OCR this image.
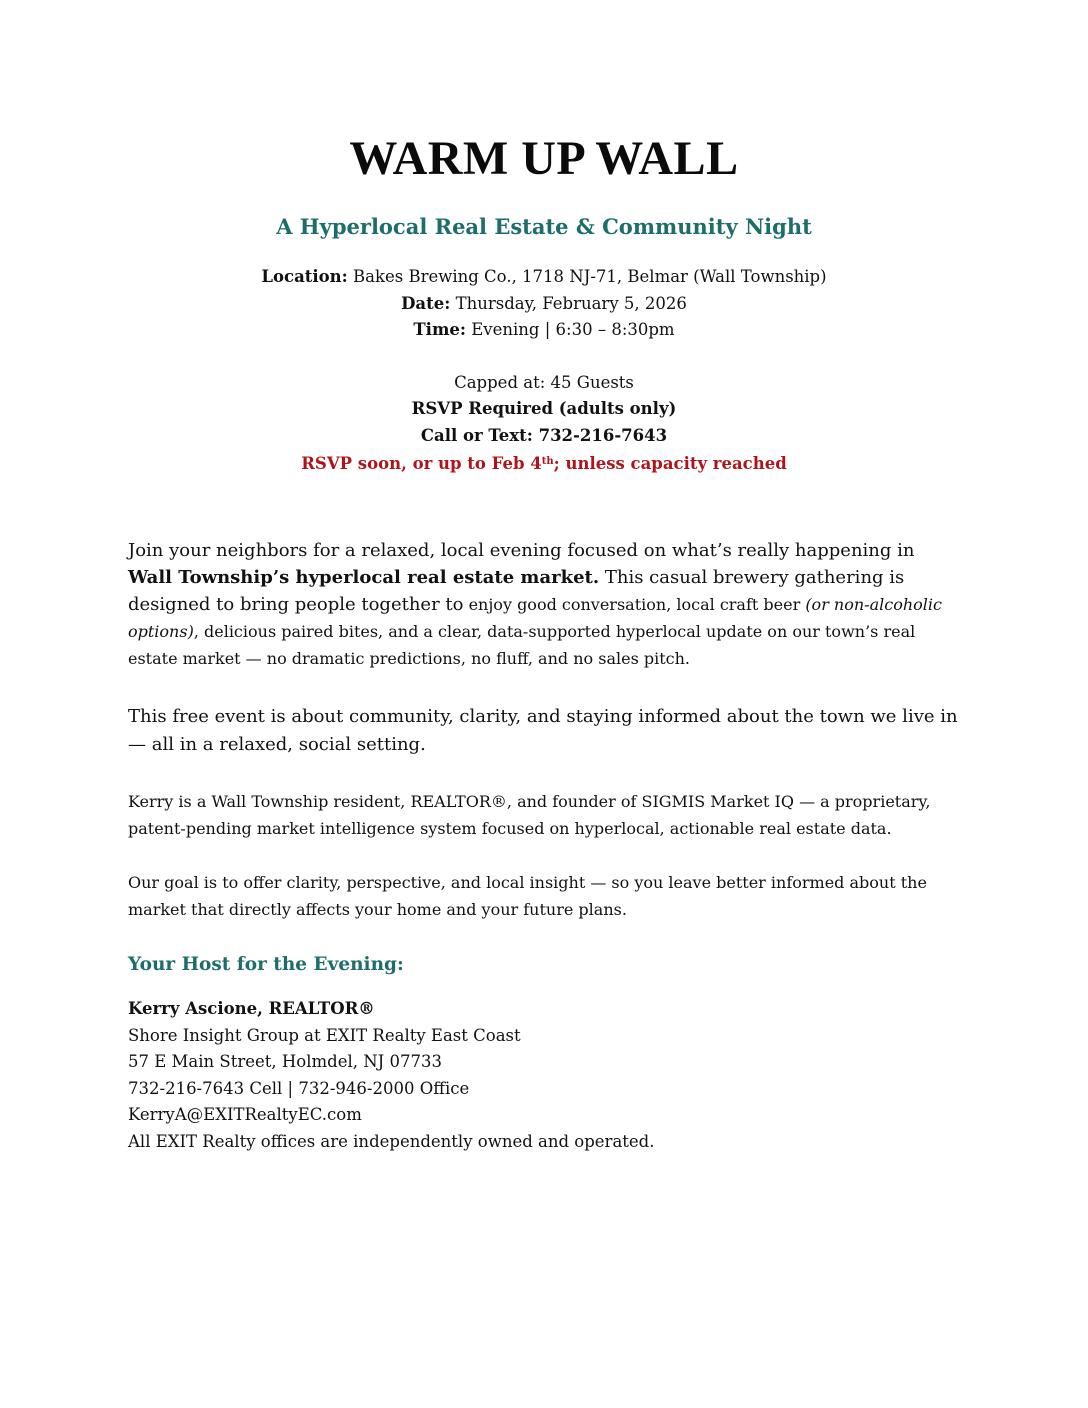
WARM UP WALL
A Hyperlocal Real Estate & Community Night
Location: Bakes Brewing Co., 1718 NJ-71, Belmar (Wall Township)
Date: Thursday, February 5, 2026
Time: Evening | 6:30 – 8:30pm
Capped at: 45 Guests
RSVP Required (adults only)
Call or Text: 732-216-7643
RSVP soon, or up to Feb 4th; unless capacity reached
Join your neighbors for a relaxed, local evening focused on what’s really happening in
Wall Township’s hyperlocal real estate market. This casual brewery gathering is
designed to bring people together to enjoy good conversation, local craft beer (or non-alcoholic
options), delicious paired bites, and a clear, data-supported hyperlocal update on our town’s real
estate market — no dramatic predictions, no fluff, and no sales pitch.
This free event is about community, clarity, and staying informed about the town we live in
— all in a relaxed, social setting.
Kerry is a Wall Township resident, REALTOR®, and founder of SIGMIS Market IQ — a proprietary,
patent-pending market intelligence system focused on hyperlocal, actionable real estate data.
Our goal is to offer clarity, perspective, and local insight — so you leave better informed about the
market that directly affects your home and your future plans.
Your Host for the Evening:
Kerry Ascione, REALTOR®
Shore Insight Group at EXIT Realty East Coast
57 E Main Street, Holmdel, NJ 07733
732-216-7643 Cell | 732-946-2000 Office
KerryA@EXITRealtyEC.com
All EXIT Realty offices are independently owned and operated.
